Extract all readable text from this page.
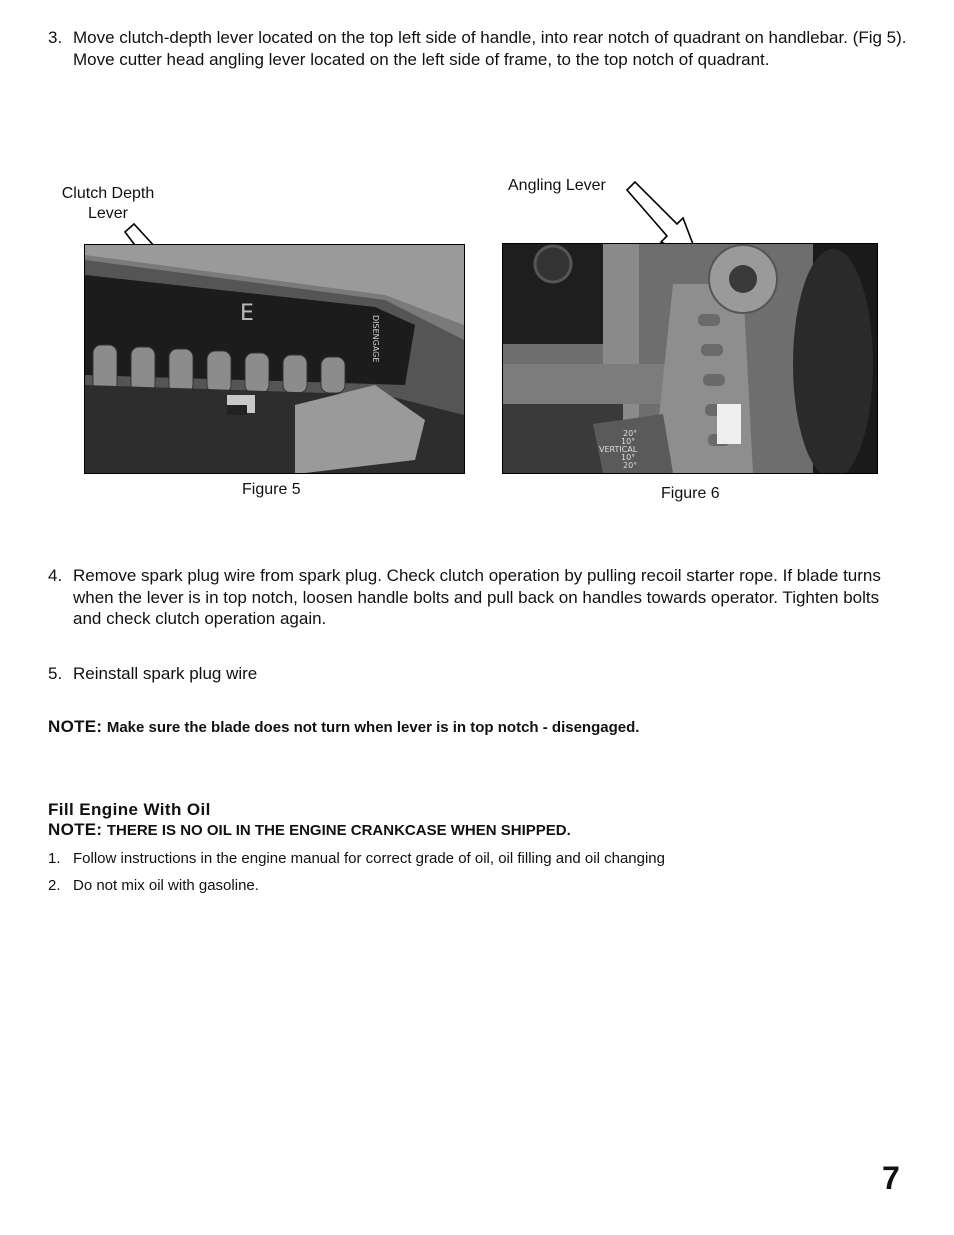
3. Move clutch-depth lever located on the top left side of handle, into rear notch of quadrant on handlebar. (Fig 5).
Move cutter head angling lever located on the left side of frame, to the top notch of quadrant.
Clutch Depth
Lever
E
DISENGAGE
Figure 5
Angling Lever
20°
10°
VERTICAL
10°
20°
Figure 6
4. Remove spark plug wire from spark plug. Check clutch operation by pulling recoil starter rope. If blade turns when the lever is in top notch, loosen handle bolts and pull back on handles towards operator. Tighten bolts and check clutch operation again.
5. Reinstall spark plug wire
NOTE: Make sure the blade does not turn when lever is in top notch - disengaged.
Fill Engine With Oil
NOTE: THERE IS NO OIL IN THE ENGINE CRANKCASE WHEN SHIPPED.
1. Follow instructions in the engine manual for correct grade of oil, oil filling and oil changing
2. Do not mix oil with gasoline.
7
